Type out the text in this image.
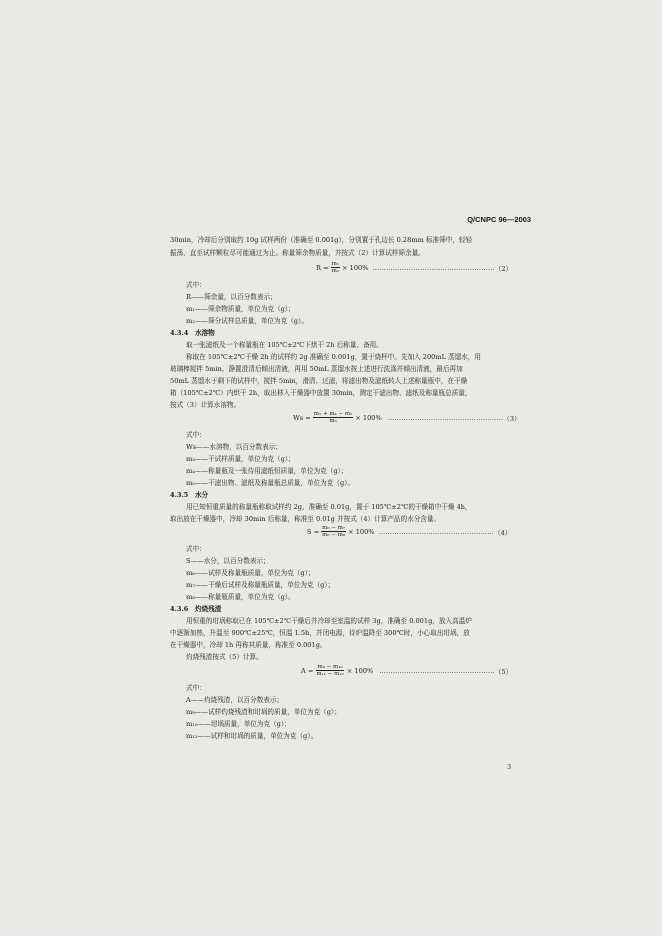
Q/CNPC 96—2003
30min，冷却后分别取约 10g 试样两份（准确至 0.001g），分别置于孔边长 0.28mm 标准筛中，轻轻
振荡，直至试样颗粒尽可能通过为止。称量筛余物质量，并按式（2）计算试样筛余量。
$R = \frac{\text{m₁}}{\text{m₂}} \times 100\%$ ……………………………………………… （2）
式中：
R——筛余量，以百分数表示；
m₁——筛余物质量，单位为克（g）；
m₂——筛分试样总质量，单位为克（g）。
4.3.4　水溶物
取一张滤纸及一个称量瓶在 105℃±2℃下烘干 2h 后称量、备用。
称取在 105℃±2℃干燥 2h 的试样约 2g 准确至 0.001g，置于烧杯中。先加入 200mL 蒸馏水，用
玻璃棒搅拌 5min，静置澄清后倾出清液，再用 50mL 蒸馏水按上述进行洗涤并倾出清液，最后再加
50mL 蒸馏水于剩下的试样中，搅拌 5min，滑清、过滤，将滤出物及滤纸转人上述称量瓶中，在干燥
箱（105℃±2℃）内烘干 2h，取出移入干燥器中放置 30min，测定干滤出物、滤纸及称量瓶总质量，
按式（3）计算水溶物。
$Ws = \frac{\text{m₃ + m₄ − m₅}}{\text{m₃}} \times 100\%$ …………………………………………… （3）
式中：
Ws——水溶物，以百分数表示；
m₃——干试样质量，单位为克（g）；
m₄——称量瓶及一张待用滤纸恒质量，单位为克（g）；
m₅——干滤出物、滤纸及称量瓶总质量，单位为克（g）。
4.3.5　水分
用已知恒重质量的称量瓶称取试样约 2g，准确至 0.01g，置于 105℃±2℃的干燥箱中干燥 4h，
取出放在干燥器中，冷却 30min 后称量，称准至 0.01g 并按式（4）计算产品的水分含量。
$S = \frac{\text{m₆ − m₇}}{\text{m₆ − m₈}} \times 100\%$ …………………………………………… （4）
式中：
S——水分，以百分数表示；
m₆——试样及称量瓶质量，单位为克（g）；
m₇——干燥后试样及称量瓶质量，单位为克（g）；
m₈——称量瓶质量，单位为克（g）。
4.3.6　灼烧残渣
用恒重的坩埚称取已在 105℃±2℃干燥后并冷却至室温的试样 3g，准确至 0.001g，放入高温炉
中逐渐加热，升温至 900℃±25℃，恒温 1.5h，并闭电源，待炉温降至 300℃时，小心取出坩埚，放
在干燥器中，冷却 1h 再称其质量，称准至 0.001g。
灼烧残渣按式（5）计算。
$A = \frac{\text{m₉ − m₁₀}}{\text{m₁₁ − m₁₀}} \times 100\%$ …………………………………………… （5）
式中：
A——灼烧残渣，以百分数表示；
m₉——试样灼烧残渣和坩埚的质量，单位为克（g）；
m₁₀——坩埚质量，单位为克（g）；
m₁₁——试样和坩埚的质量，单位为克（g）。
3
